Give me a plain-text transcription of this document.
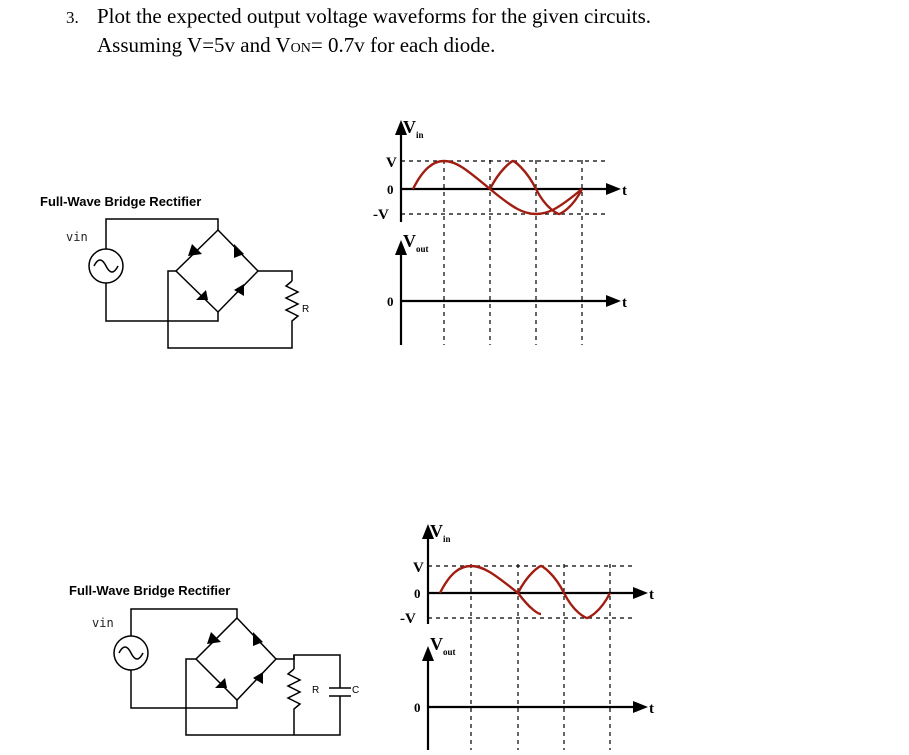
3. Plot the expected output voltage waveforms for the given circuits.
Assuming V=5v and VON= 0.7v for each diode.
Full-Wave Bridge Rectifier
vin
R
V in
V
0
-V
t
V out
0	t
Full-Wave Bridge Rectifier
vin
R	C
V in
V
0
-V
t
V out
0	t
